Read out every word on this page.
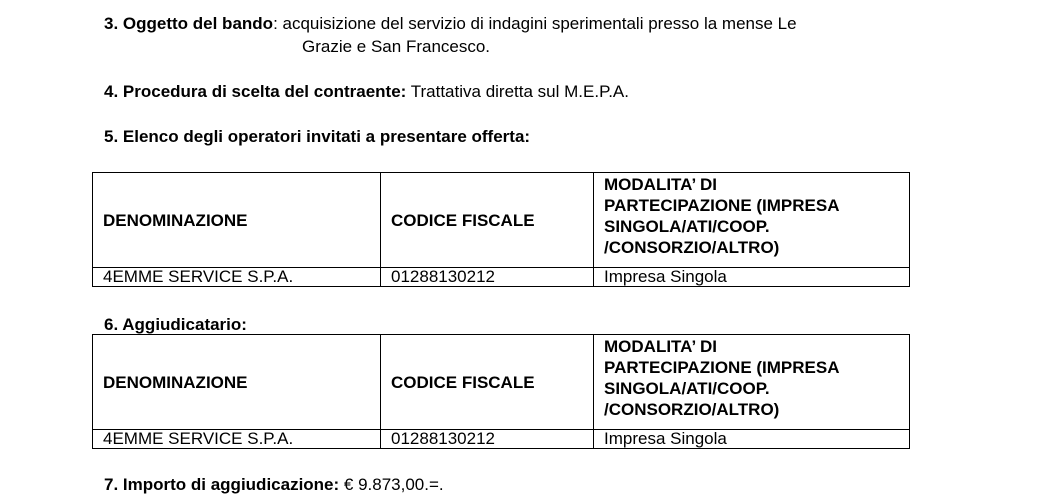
3. Oggetto del bando: acquisizione del servizio di indagini sperimentali presso la mense Le
Grazie e San Francesco.
4. Procedura di scelta del contraente: Trattativa diretta sul M.E.P.A.
5. Elenco degli operatori invitati a presentare offerta:
DENOMINAZIONE	CODICE FISCALE	MODALITA’ DI
PARTECIPAZIONE (IMPRESA
SINGOLA/ATI/COOP.
/CONSORZIO/ALTRO)

4EMME SERVICE S.P.A.	01288130212	Impresa Singola
6. Aggiudicatario:
DENOMINAZIONE	CODICE FISCALE	MODALITA’ DI
PARTECIPAZIONE (IMPRESA
SINGOLA/ATI/COOP.
/CONSORZIO/ALTRO)

4EMME SERVICE S.P.A.	01288130212	Impresa Singola
7. Importo di aggiudicazione: € 9.873,00.=.
